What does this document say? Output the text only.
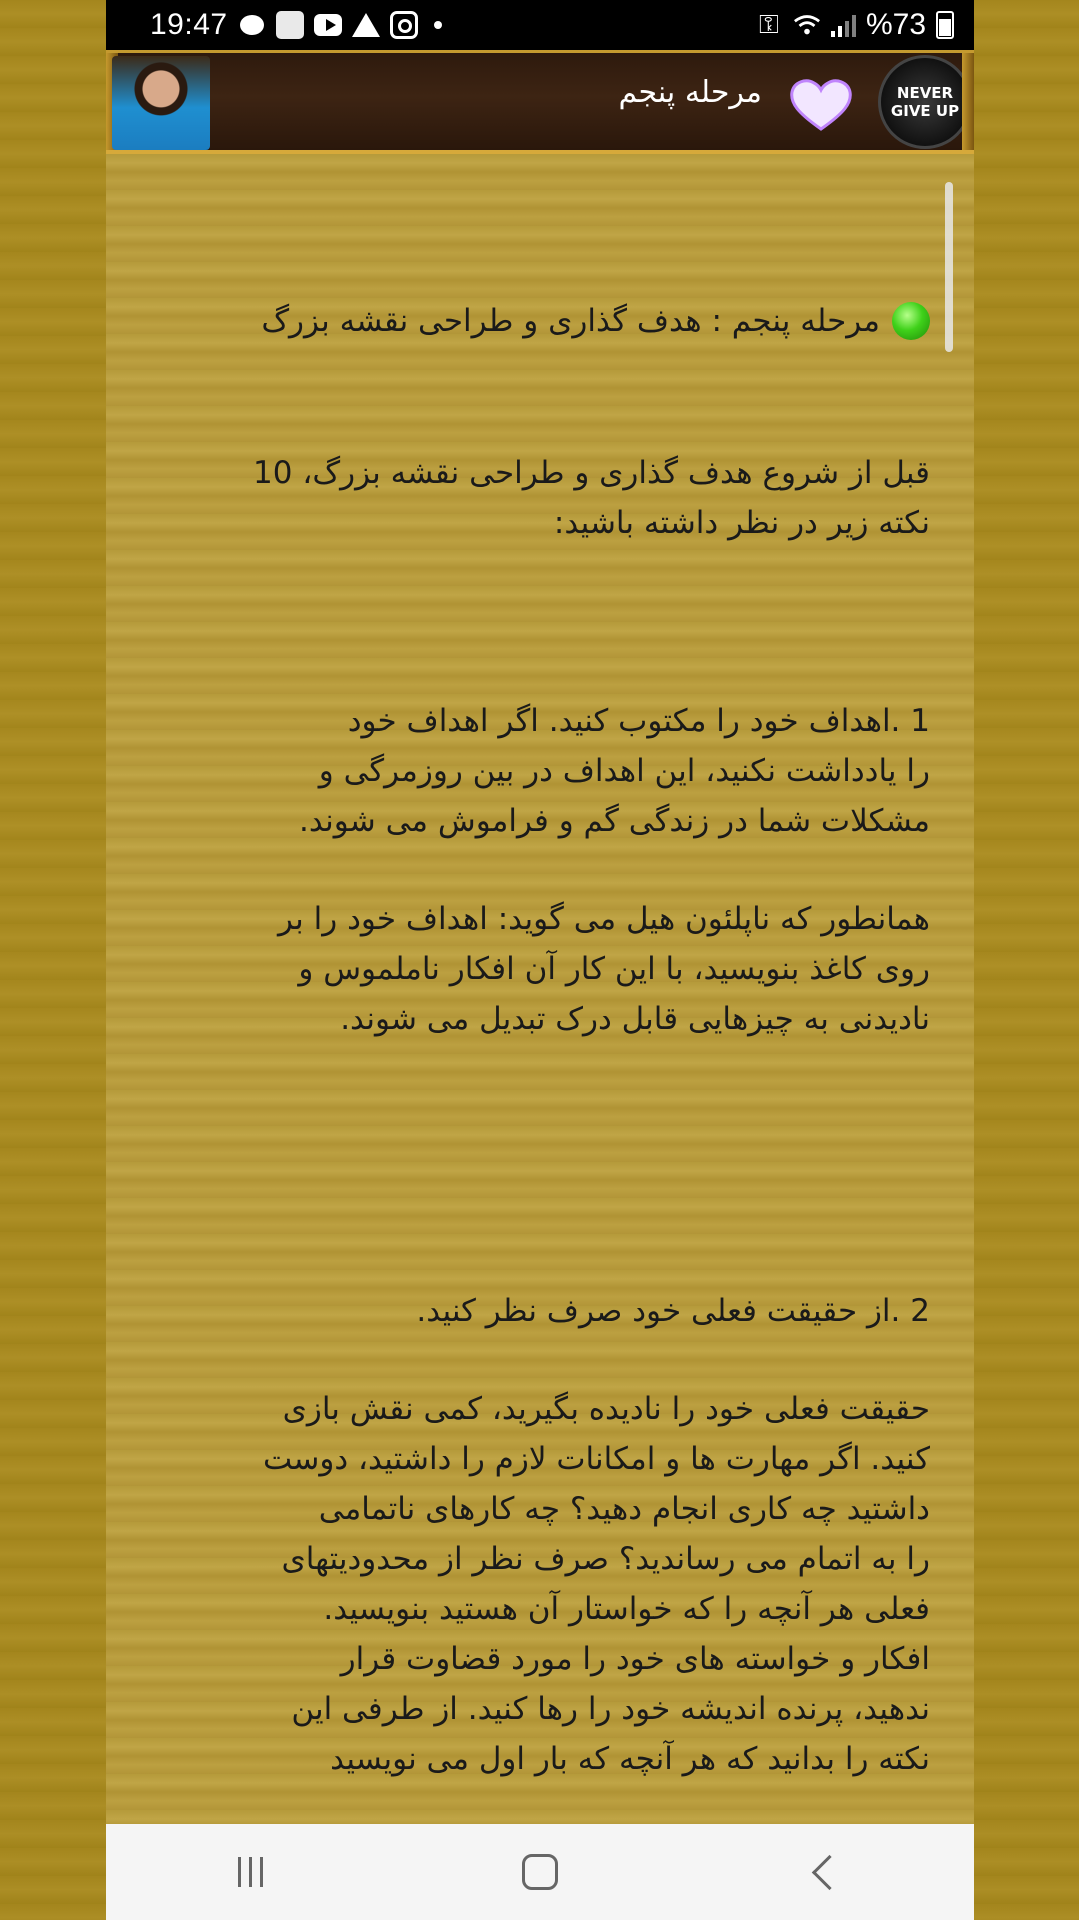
19:47	⚿	%73
مرحله پنجم	NEVER
GIVE UP
مرحله پنجم : هدف گذاری و طراحی نقشه بزرگ

قبل از شروع هدف گذاری و طراحی نقشه بزرگ، 10
نکته زیر در نظر داشته باشید:

1 .اهداف خود را مکتوب کنید. اگر اهداف خود
را یادداشت نکنید، این اهداف در بین روزمرگی و
مشکلات شما در زندگی گم و فراموش می شوند.

همانطور که ناپلئون هیل می گوید: اهداف خود را بر
روی کاغذ بنویسید، با این کار آن افکار ناملموس و
نادیدنی به چیزهایی قابل درک تبدیل می شوند.

2 .از حقیقت فعلی خود صرف نظر کنید.

حقیقت فعلی خود را نادیده بگیرید، کمی نقش بازی
کنید. اگر مهارت ها و امکانات لازم را داشتید، دوست
داشتید چه کاری انجام دهید؟ چه کارهای ناتمامی
را به اتمام می رساندید؟ صرف نظر از محدودیتهای
فعلی هر آنچه را که خواستار آن هستید بنویسید.
افکار و خواسته های خود را مورد قضاوت قرار
ندهید، پرنده اندیشه خود را رها کنید. از طرفی این
نکته را بدانید که هر آنچه که بار اول می نویسید
